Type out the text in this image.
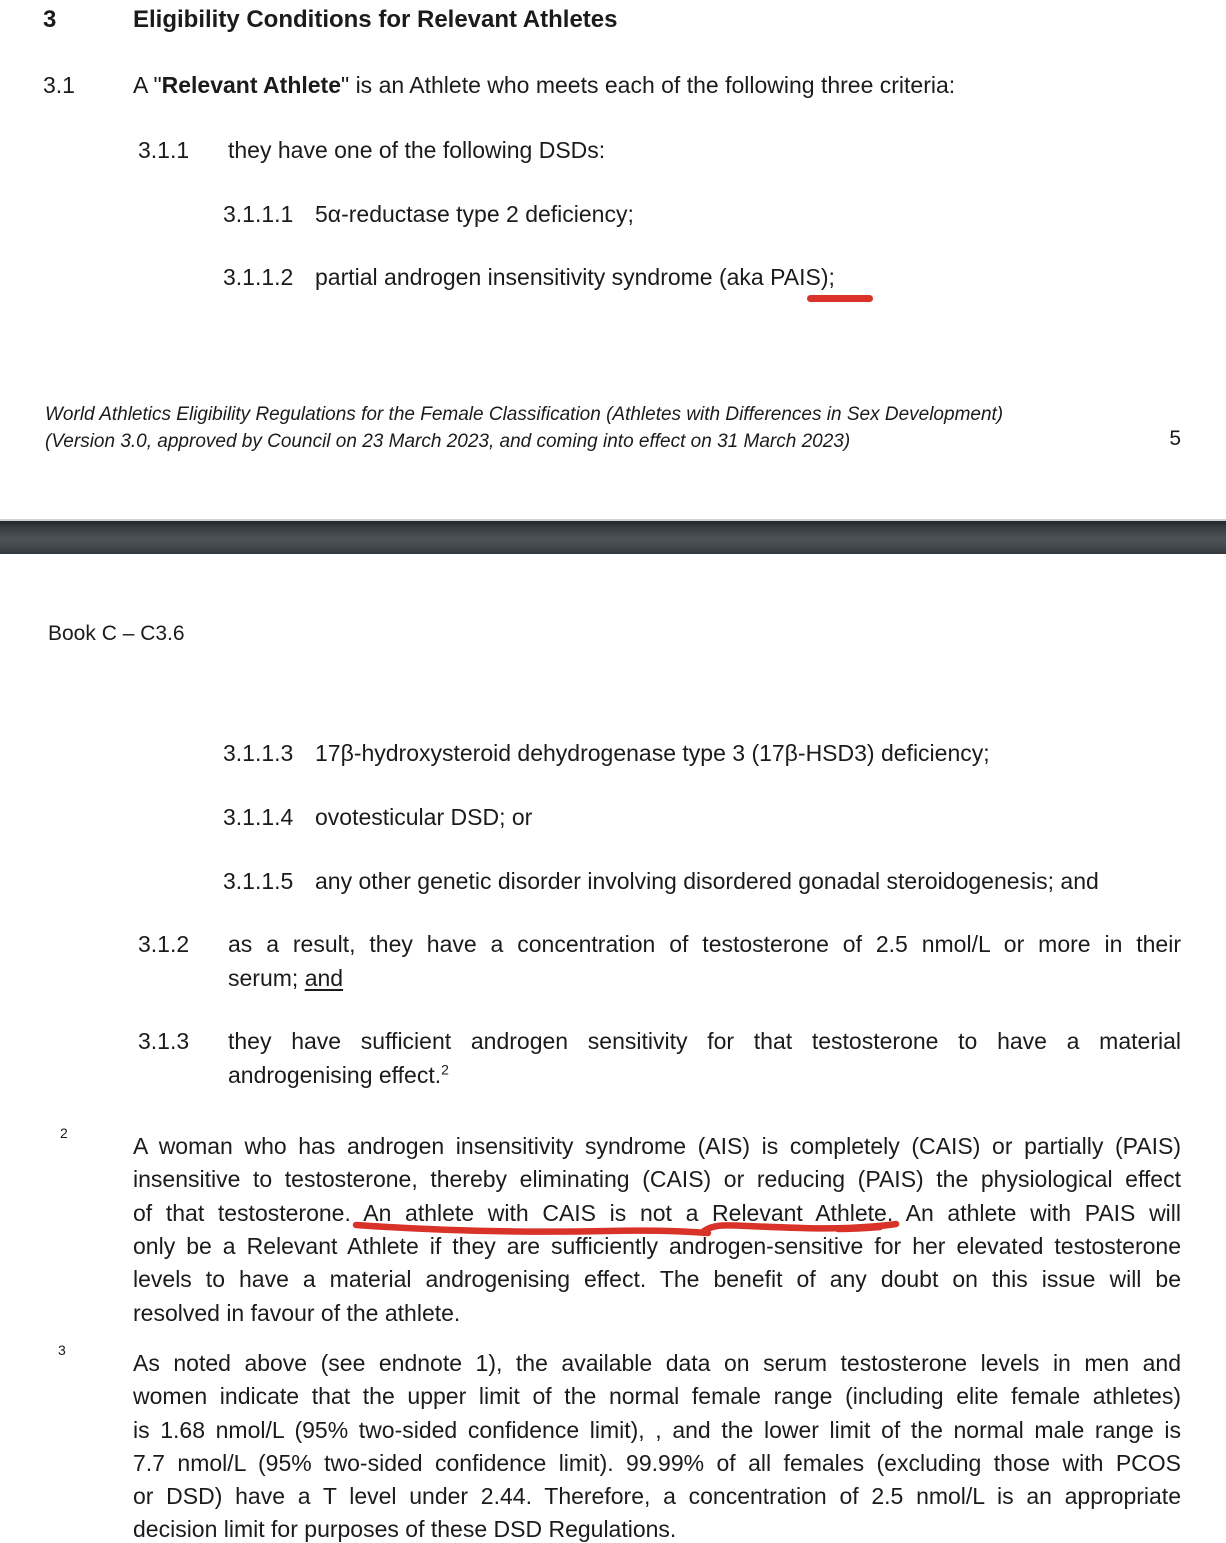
3	Eligibility Conditions for Relevant Athletes
3.1	A "Relevant Athlete" is an Athlete who meets each of the following three criteria:
3.1.1 they have one of the following DSDs:
3.1.1.1 5α-reductase type 2 deficiency;
3.1.1.2 partial androgen insensitivity syndrome (aka PAIS);
World Athletics Eligibility Regulations for the Female Classification (Athletes with Differences in Sex Development)
(Version 3.0, approved by Council on 23 March 2023, and coming into effect on 31 March 2023)	5
Book C – C3.6
3.1.1.3 17β-hydroxysteroid dehydrogenase type 3 (17β-HSD3) deficiency;
3.1.1.4 ovotesticular DSD; or
3.1.1.5 any other genetic disorder involving disordered gonadal steroidogenesis; and
3.1.2 as a result, they have a concentration of testosterone of 2.5 nmol/L or more in their
serum; and
3.1.3 they have sufficient androgen sensitivity for that testosterone to have a material
androgenising effect.$^2$
2	A woman who has androgen insensitivity syndrome (AIS) is completely (CAIS) or partially (PAIS)
insensitive to testosterone, thereby eliminating (CAIS) or reducing (PAIS) the physiological effect
of that testosterone. An athlete with CAIS is not a Relevant Athlete. An athlete with PAIS will
only be a Relevant Athlete if they are sufficiently androgen-sensitive for her elevated testosterone
levels to have a material androgenising effect. The benefit of any doubt on this issue will be
resolved in favour of the athlete.
3	As noted above (see endnote 1), the available data on serum testosterone levels in men and
women indicate that the upper limit of the normal female range (including elite female athletes)
is 1.68 nmol/L (95% two-sided confidence limit), , and the lower limit of the normal male range is
7.7 nmol/L (95% two-sided confidence limit). 99.99% of all females (excluding those with PCOS
or DSD) have a T level under 2.44. Therefore, a concentration of 2.5 nmol/L is an appropriate
decision limit for purposes of these DSD Regulations.
